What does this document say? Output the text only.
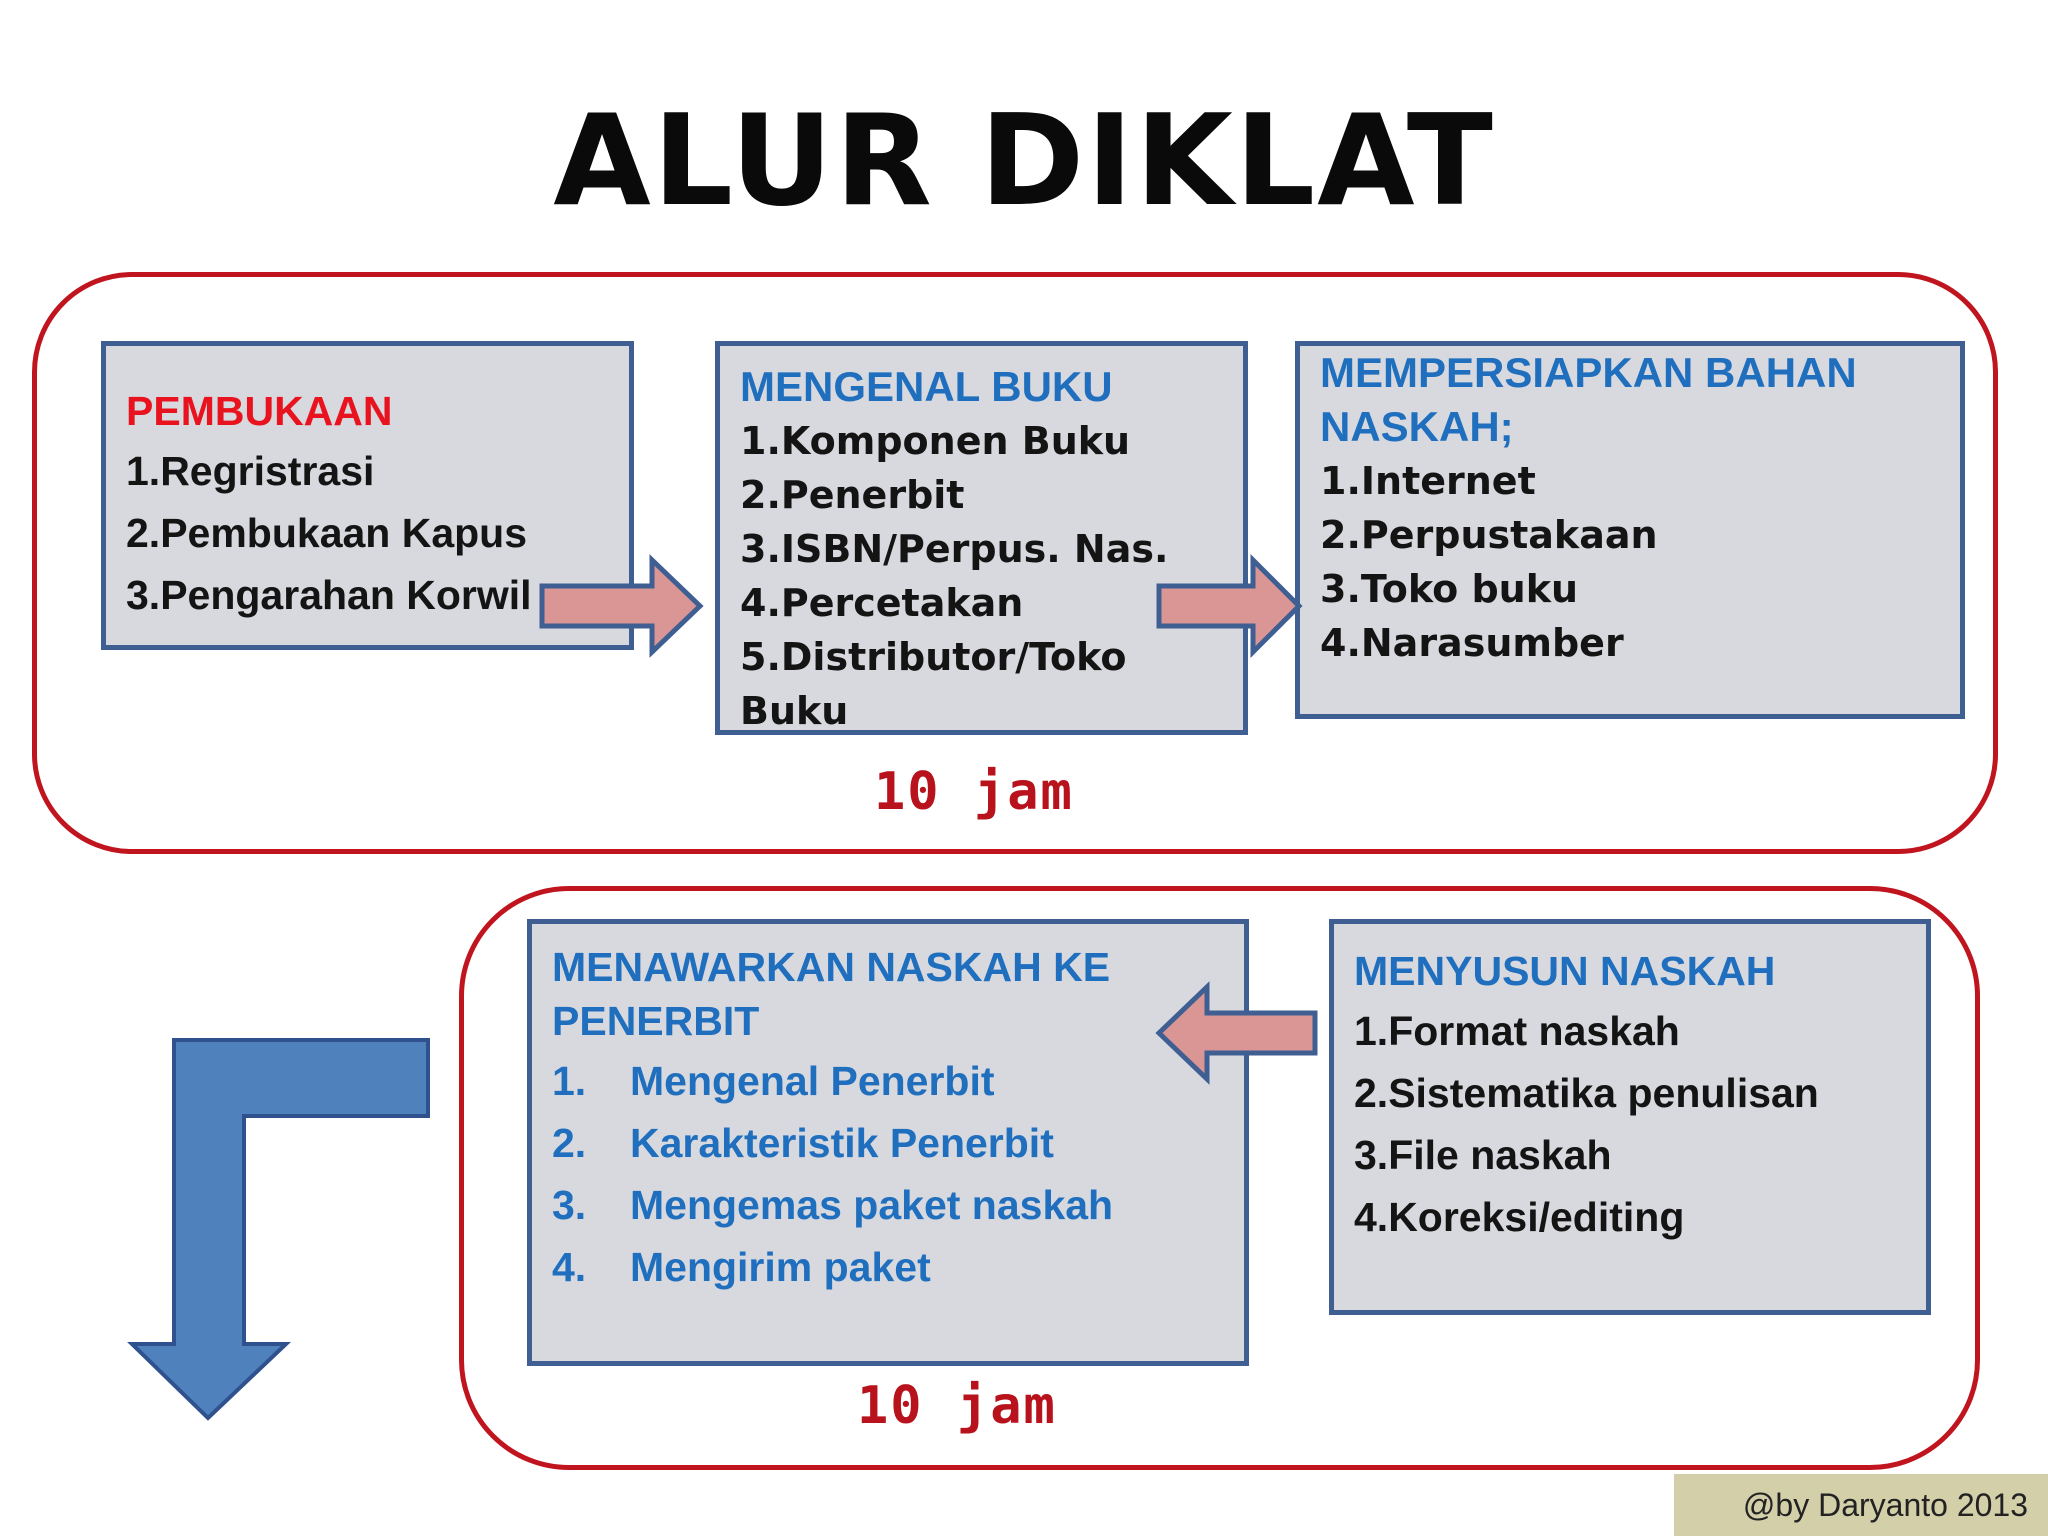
ALUR DIKLAT
PEMBUKAAN
1.Regristrasi
2.Pembukaan Kapus
3.Pengarahan Korwil
MENGENAL BUKU
1.Komponen Buku
2.Penerbit
3.ISBN/Perpus. Nas.
4.Percetakan
5.Distributor/Toko Buku
MEMPERSIAPKAN BAHAN NASKAH;
1.Internet
2.Perpustakaan
3.Toko buku
4.Narasumber
MENAWARKAN NASKAH KE PENERBIT
1. Mengenal Penerbit
2. Karakteristik Penerbit
3. Mengemas paket naskah
4. Mengirim paket
MENYUSUN NASKAH
1.Format naskah
2.Sistematika penulisan
3.File naskah
4.Koreksi/editing
10 jam
10 jam
@by Daryanto 2013
